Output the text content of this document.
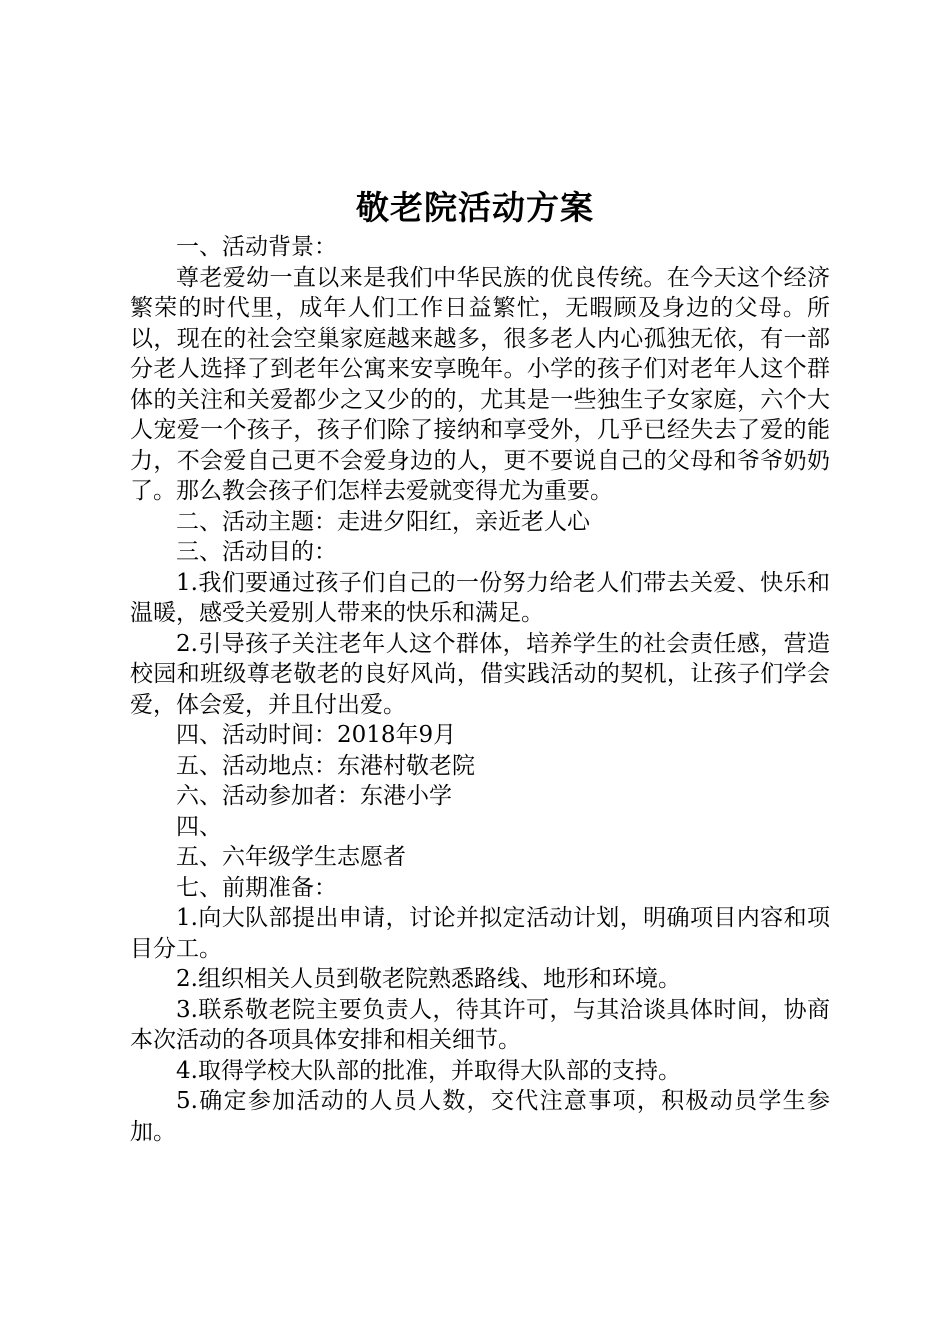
敬老院活动方案

一、活动背景：

尊老爱幼一直以来是我们中华民族的优良传统。在今天这个经济繁荣的时代里，成年人们工作日益繁忙，无暇顾及身边的父母。所以，现在的社会空巢家庭越来越多，很多老人内心孤独无依，有一部分老人选择了到老年公寓来安享晚年。小学的孩子们对老年人这个群体的关注和关爱都少之又少的的，尤其是一些独生子女家庭，六个大人宠爱一个孩子，孩子们除了接纳和享受外，几乎已经失去了爱的能力，不会爱自己更不会爱身边的人，更不要说自己的父母和爷爷奶奶了。那么教会孩子们怎样去爱就变得尤为重要。

二、活动主题：走进夕阳红，亲近老人心

三、活动目的：

1.我们要通过孩子们自己的一份努力给老人们带去关爱、快乐和温暖，感受关爱别人带来的快乐和满足。

2.引导孩子关注老年人这个群体，培养学生的社会责任感，营造校园和班级尊老敬老的良好风尚，借实践活动的契机，让孩子们学会爱，体会爱，并且付出爱。

四、活动时间：2018年9月

五、活动地点：东港村敬老院

六、活动参加者：东港小学

四、

五、六年级学生志愿者

七、前期准备：

1.向大队部提出申请，讨论并拟定活动计划，明确项目内容和项目分工。

2.组织相关人员到敬老院熟悉路线、地形和环境。

3.联系敬老院主要负责人，待其许可，与其洽谈具体时间，协商本次活动的各项具体安排和相关细节。

4.取得学校大队部的批准，并取得大队部的支持。

5.确定参加活动的人员人数，交代注意事项，积极动员学生参加。
